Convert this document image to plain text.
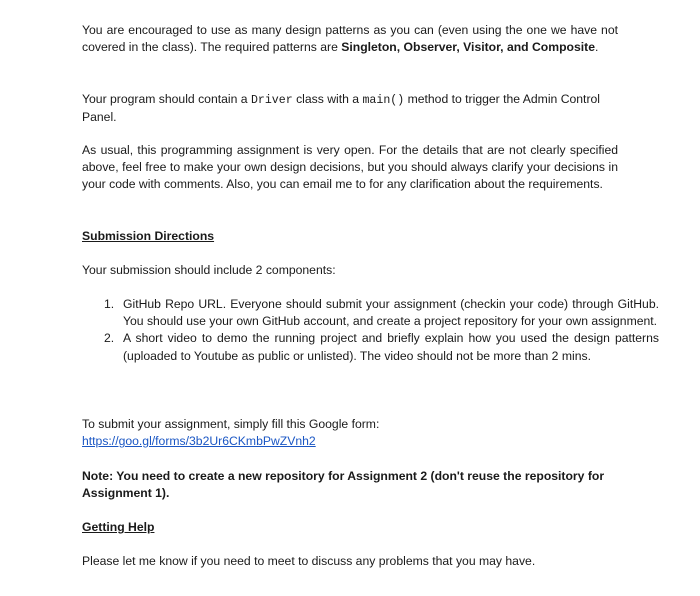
You are encouraged to use as many design patterns as you can (even using the one we have not covered in the class). The required patterns are Singleton, Observer, Visitor, and Composite.

Your program should contain a Driver class with a main() method to trigger the Admin Control Panel.

As usual, this programming assignment is very open. For the details that are not clearly specified above, feel free to make your own design decisions, but you should always clarify your decisions in your code with comments. Also, you can email me to for any clarification about the requirements.

Submission Directions

Your submission should include 2 components:

1. GitHub Repo URL. Everyone should submit your assignment (checkin your code) through GitHub. You should use your own GitHub account, and create a project repository for your own assignment.
2. A short video to demo the running project and briefly explain how you used the design patterns (uploaded to Youtube as public or unlisted). The video should not be more than 2 mins.

To submit your assignment, simply fill this Google form:
https://goo.gl/forms/3b2Ur6CKmbPwZVnh2

Note: You need to create a new repository for Assignment 2 (don't reuse the repository for Assignment 1).

Getting Help

Please let me know if you need to meet to discuss any problems that you may have.
